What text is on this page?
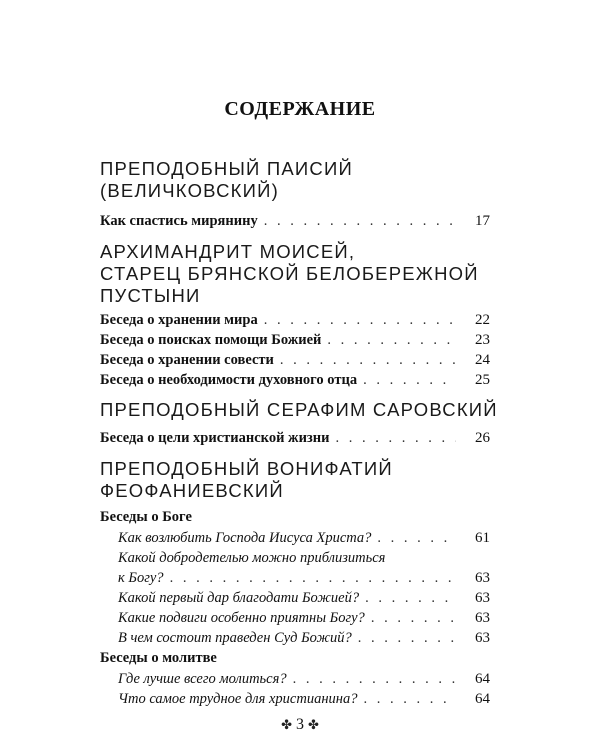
СОДЕРЖАНИЕ
ПРЕПОДОБНЫЙ ПАИСИЙ
(ВЕЛИЧКОВСКИЙ)
Как спастись мирянину . . .	17
АРХИМАНДРИТ МОИСЕЙ,
СТАРЕЦ БРЯНСКОЙ БЕЛОБЕРЕЖНОЙ
ПУСТЫНИ
Беседа о хранении мира . . .	22
Беседа о поисках помощи Божией . . .	23
Беседа о хранении совести . . .	24
Беседа о необходимости духовного отца . . .	25
ПРЕПОДОБНЫЙ СЕРАФИМ САРОВСКИЙ
Беседа о цели христианской жизни . . .	26
ПРЕПОДОБНЫЙ ВОНИФАТИЙ
ФЕОФАНИЕВСКИЙ
Беседы о Боге
Как возлюбить Господа Иисуса Христа? . . .	61
Какой добродетелью можно приблизиться
к Богу? . . .	63
Какой первый дар благодати Божией? . . .	63
Какие подвиги особенно приятны Богу? . . .	63
В чем состоит праведен Суд Божий? . . .	63
Беседы о молитве
Где лучше всего молиться? . . .	64
Что самое трудное для христианина? . . .	64
✤ 3 ✤
